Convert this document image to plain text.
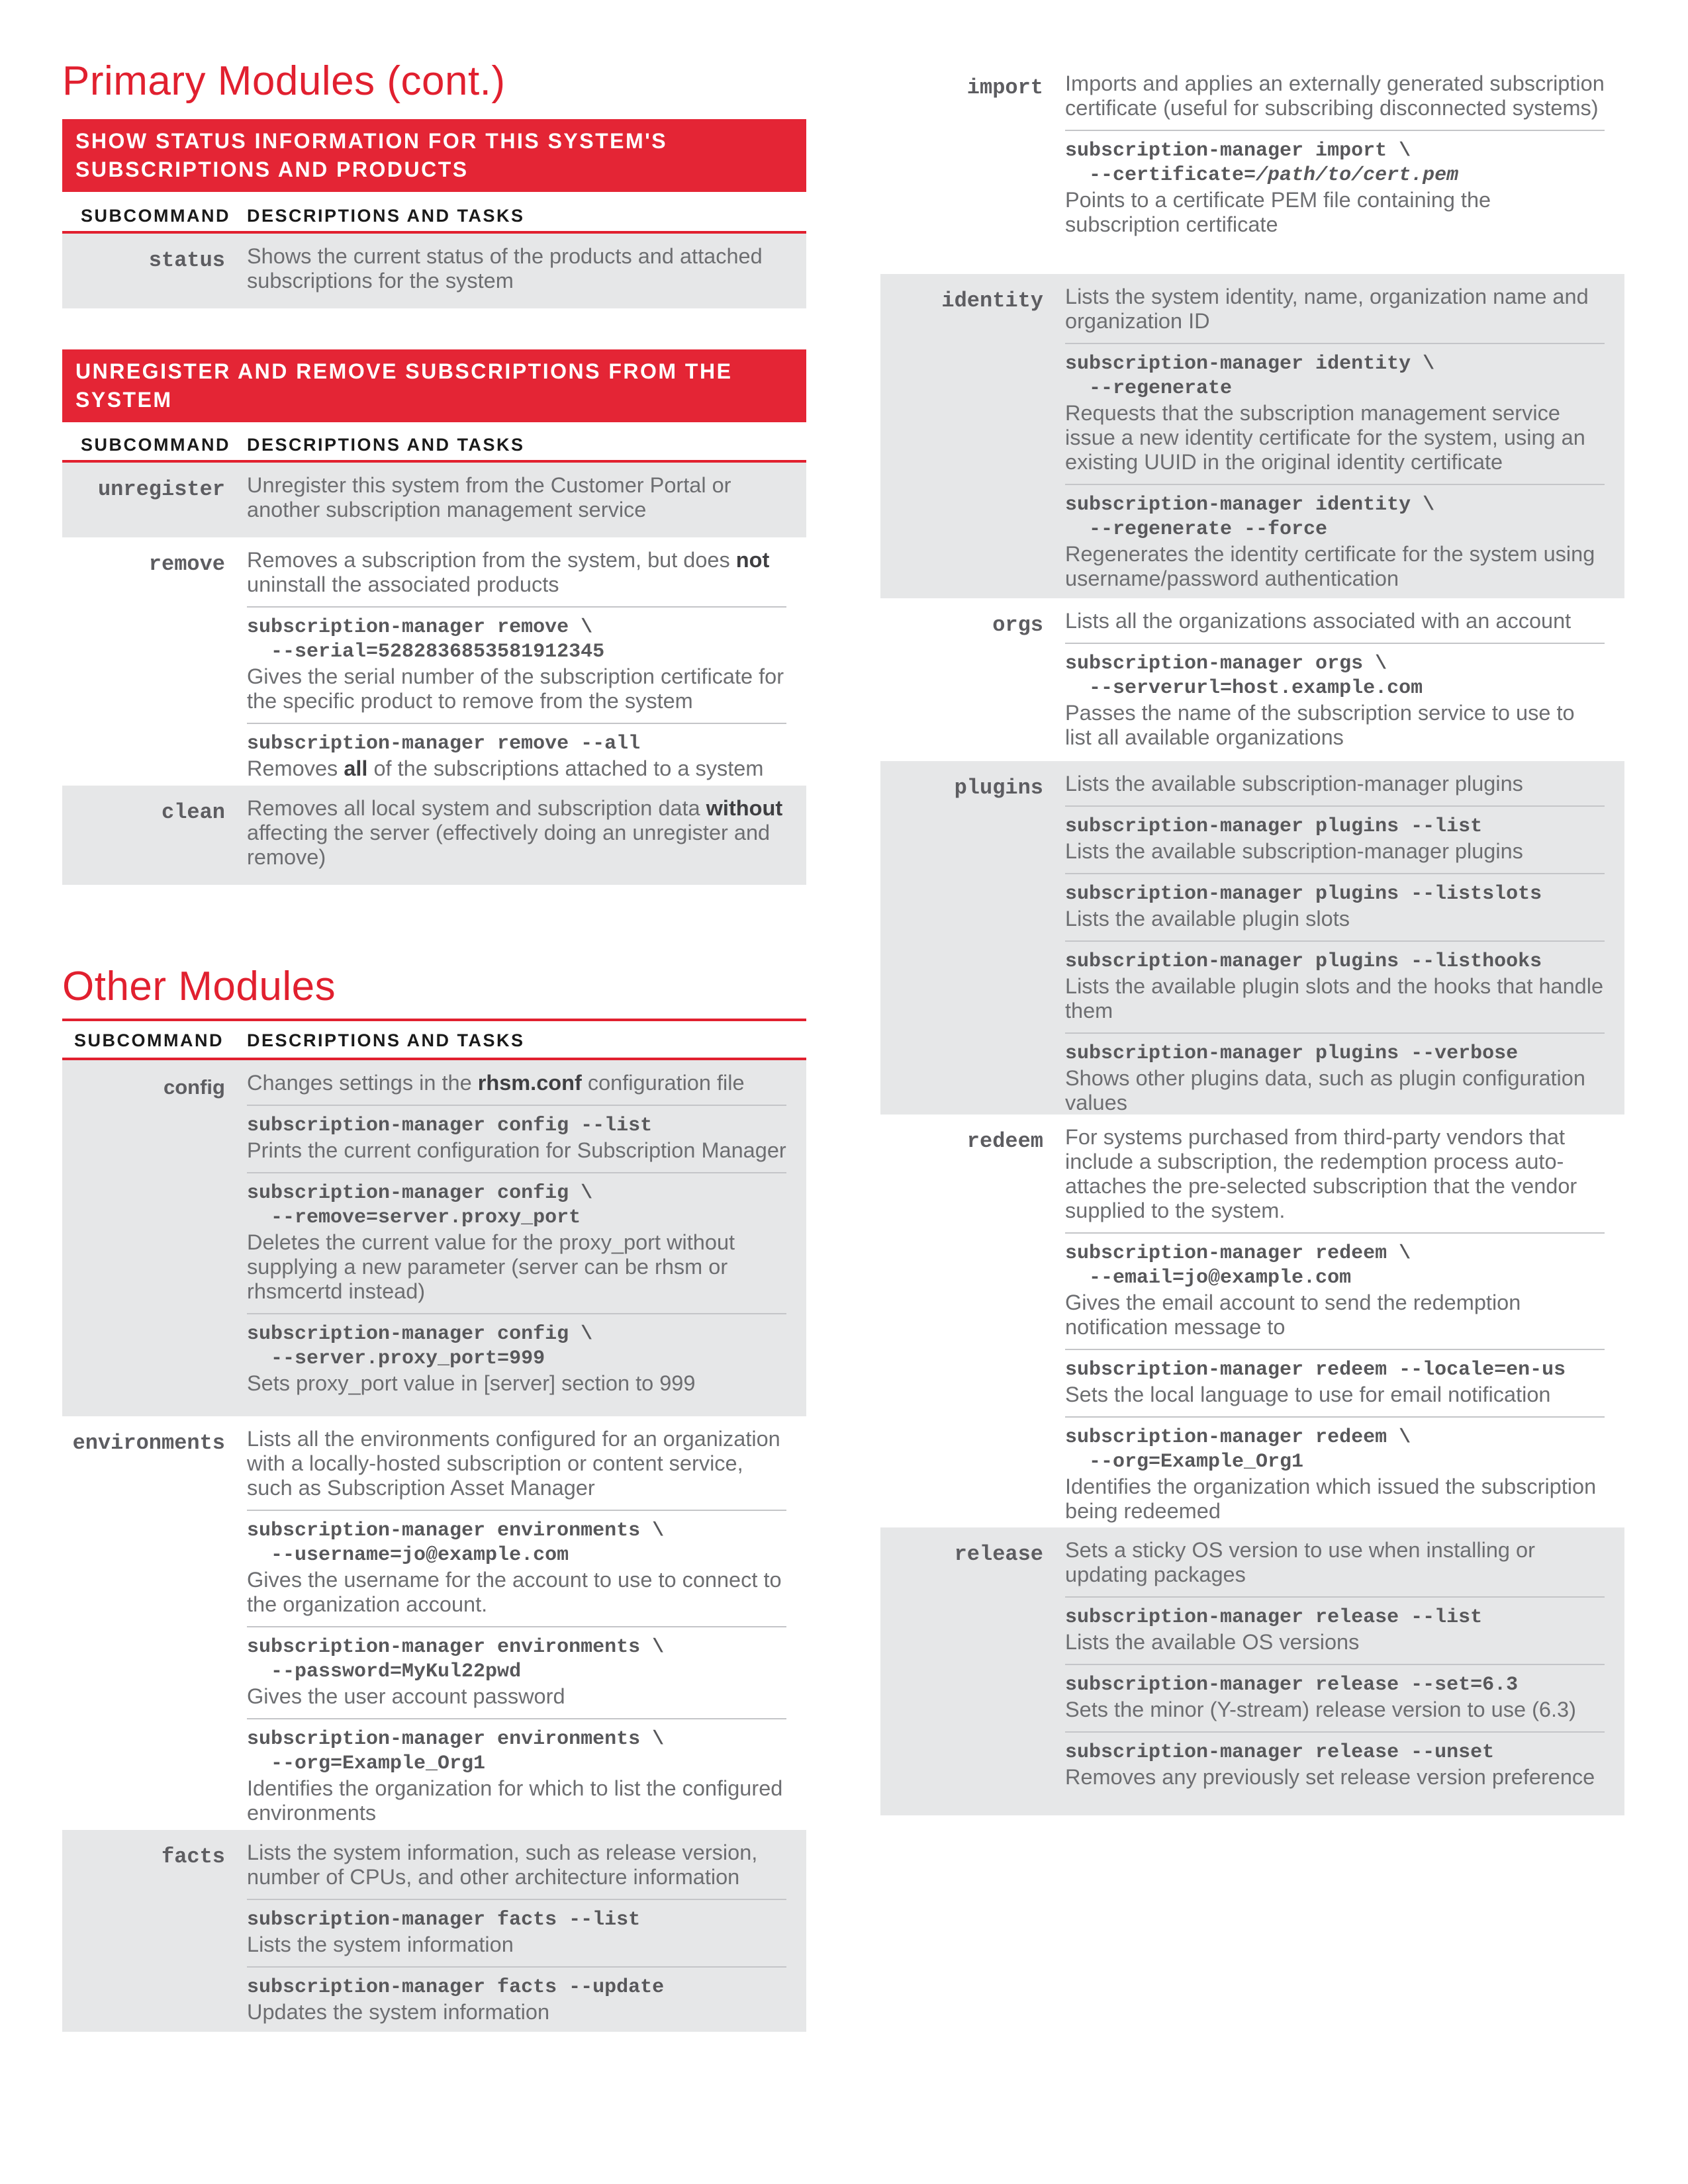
Primary Modules (cont.)
SHOW STATUS INFORMATION FOR THIS SYSTEM'S SUBSCRIPTIONS AND PRODUCTS
SUBCOMMAND DESCRIPTIONS AND TASKS
status Shows the current status of the products and attached subscriptions for the system
UNREGISTER AND REMOVE SUBSCRIPTIONS FROM THE SYSTEM
SUBCOMMAND DESCRIPTIONS AND TASKS
unregister Unregister this system from the Customer Portal or another subscription management service
remove Removes a subscription from the system, but does not uninstall the associated products
subscription-manager remove \
--serial=5282836853581912345
Gives the serial number of the subscription certificate for the specific product to remove from the system
subscription-manager remove --all
Removes all of the subscriptions attached to a system
clean Removes all local system and subscription data without affecting the server (effectively doing an unregister and remove)
Other Modules
SUBCOMMAND DESCRIPTIONS AND TASKS
config Changes settings in the rhsm.conf configuration file
subscription-manager config --list
Prints the current configuration for Subscription Manager
subscription-manager config \
--remove=server.proxy_port
Deletes the current value for the proxy_port without supplying a new parameter (server can be rhsm or rhsmcertd instead)
subscription-manager config \
--server.proxy_port=999
Sets proxy_port value in [server] section to 999
environments Lists all the environments configured for an organization with a locally-hosted subscription or content service, such as Subscription Asset Manager
subscription-manager environments \
--username=jo@example.com
Gives the username for the account to use to connect to the organization account.
subscription-manager environments \
--password=MyKul22pwd
Gives the user account password
subscription-manager environments \
--org=Example_Org1
Identifies the organization for which to list the configured environments
facts Lists the system information, such as release version, number of CPUs, and other architecture information
subscription-manager facts --list
Lists the system information
subscription-manager facts --update
Updates the system information
import Imports and applies an externally generated subscription certificate (useful for subscribing disconnected systems)
subscription-manager import \
--certificate=/path/to/cert.pem
Points to a certificate PEM file containing the subscription certificate
identity Lists the system identity, name, organization name and organization ID
subscription-manager identity \
--regenerate
Requests that the subscription management service issue a new identity certificate for the system, using an existing UUID in the original identity certificate
subscription-manager identity \
--regenerate --force
Regenerates the identity certificate for the system using username/password authentication
orgs Lists all the organizations associated with an account
subscription-manager orgs \
--serverurl=host.example.com
Passes the name of the subscription service to use to list all available organizations
plugins Lists the available subscription-manager plugins
subscription-manager plugins --list
Lists the available subscription-manager plugins
subscription-manager plugins --listslots
Lists the available plugin slots
subscription-manager plugins --listhooks
Lists the available plugin slots and the hooks that handle them
subscription-manager plugins --verbose
Shows other plugins data, such as plugin configuration values
redeem For systems purchased from third-party vendors that include a subscription, the redemption process auto-attaches the pre-selected subscription that the vendor supplied to the system.
subscription-manager redeem \
--email=jo@example.com
Gives the email account to send the redemption notification message to
subscription-manager redeem --locale=en-us
Sets the local language to use for email notification
subscription-manager redeem \
--org=Example_Org1
Identifies the organization which issued the subscription being redeemed
release Sets a sticky OS version to use when installing or updating packages
subscription-manager release --list
Lists the available OS versions
subscription-manager release --set=6.3
Sets the minor (Y-stream) release version to use (6.3)
subscription-manager release --unset
Removes any previously set release version preference
